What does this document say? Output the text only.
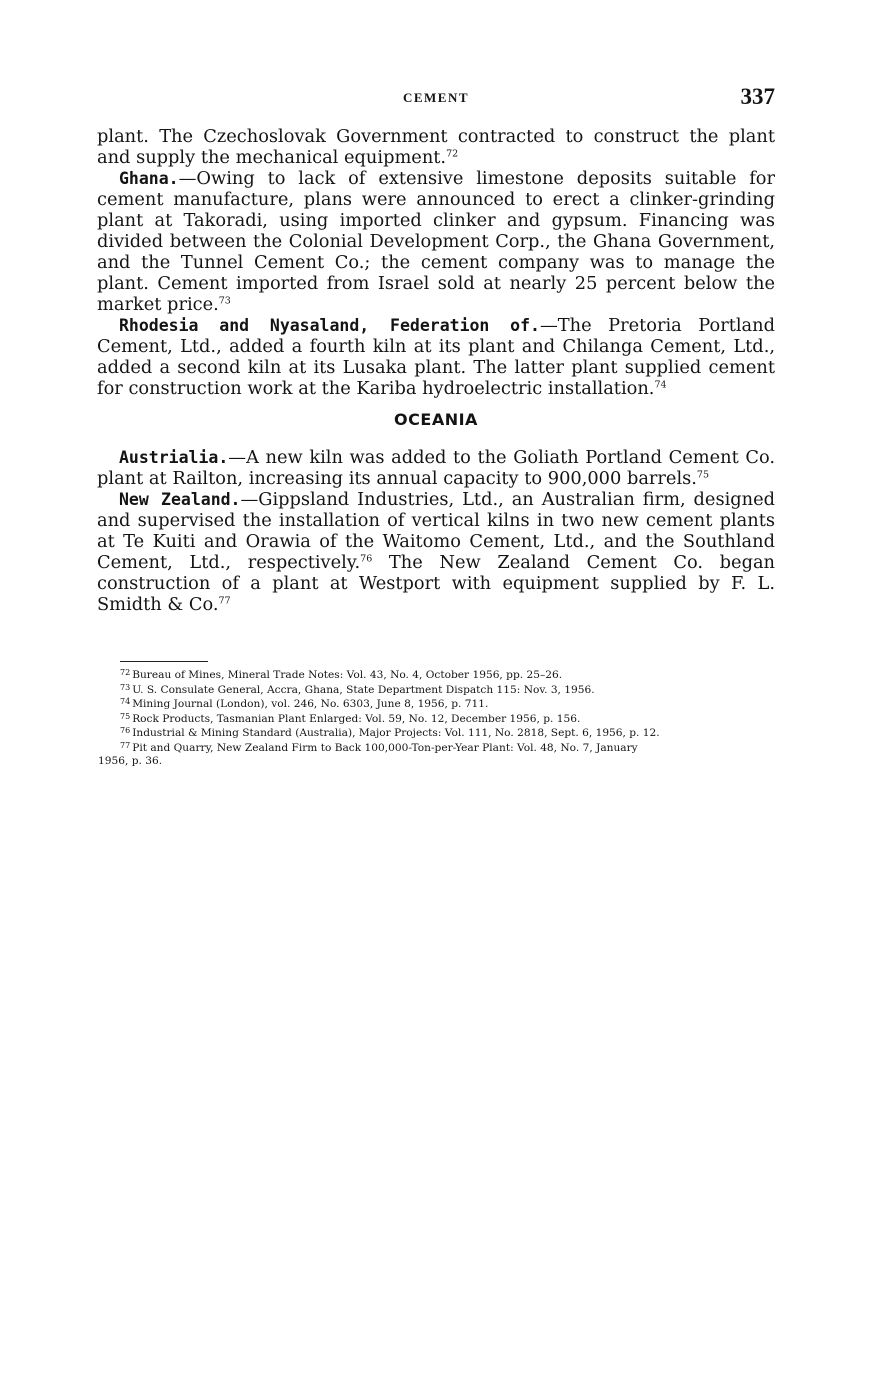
CEMENT	337

plant. The Czechoslovak Government contracted to construct the plant and supply the mechanical equipment.$^{72}$

Ghana.—Owing to lack of extensive limestone deposits suitable for cement manufacture, plans were announced to erect a clinker-grinding plant at Takoradi, using imported clinker and gypsum. Financing was divided between the Colonial Development Corp., the Ghana Government, and the Tunnel Cement Co.; the cement company was to manage the plant. Cement imported from Israel sold at nearly 25 percent below the market price.$^{73}$

Rhodesia and Nyasaland, Federation of.—The Pretoria Portland Cement, Ltd., added a fourth kiln at its plant and Chilanga Cement, Ltd., added a second kiln at its Lusaka plant. The latter plant supplied cement for construction work at the Kariba hydroelectric installation.$^{74}$

OCEANIA

Austrialia.—A new kiln was added to the Goliath Portland Cement Co. plant at Railton, increasing its annual capacity to 900,000 barrels.$^{75}$

New Zealand.—Gippsland Industries, Ltd., an Australian firm, designed and supervised the installation of vertical kilns in two new cement plants at Te Kuiti and Orawia of the Waitomo Cement, Ltd., and the Southland Cement, Ltd., respectively.$^{76}$ The New Zealand Cement Co. began construction of a plant at Westport with equipment supplied by F. L. Smidth & Co.$^{77}$

$^{72}$ Bureau of Mines, Mineral Trade Notes: Vol. 43, No. 4, October 1956, pp. 25–26.

$^{73}$ U. S. Consulate General, Accra, Ghana, State Department Dispatch 115: Nov. 3, 1956.

$^{74}$ Mining Journal (London), vol. 246, No. 6303, June 8, 1956, p. 711.

$^{75}$ Rock Products, Tasmanian Plant Enlarged: Vol. 59, No. 12, December 1956, p. 156.

$^{76}$ Industrial & Mining Standard (Australia), Major Projects: Vol. 111, No. 2818, Sept. 6, 1956, p. 12.

$^{77}$ Pit and Quarry, New Zealand Firm to Back 100,000-Ton-per-Year Plant: Vol. 48, No. 7, January

1956, p. 36.
